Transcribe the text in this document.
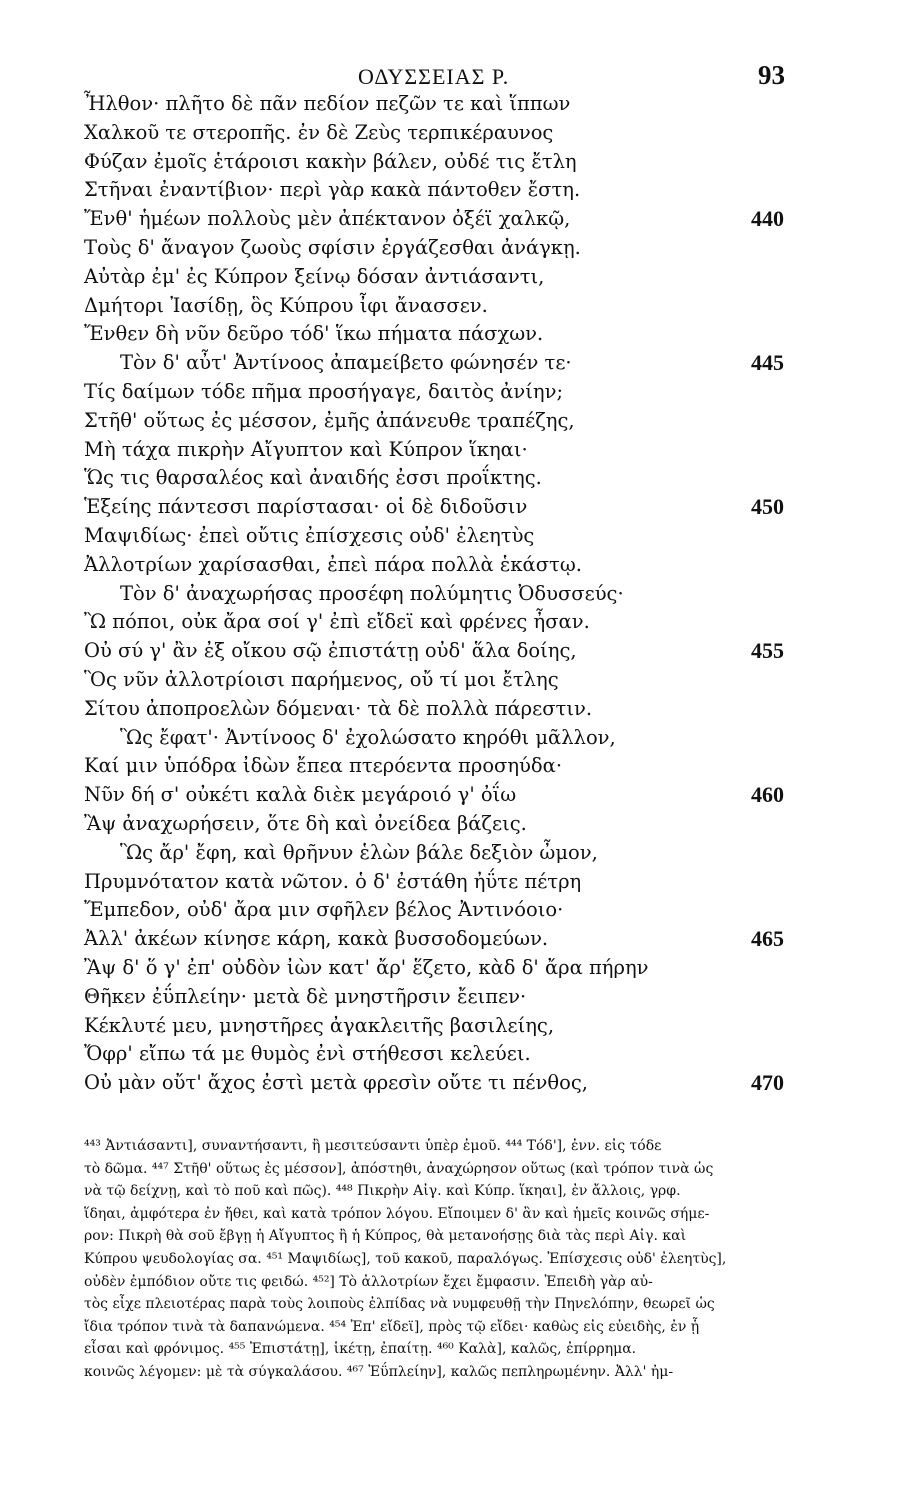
ΟΔΥΣΣΕΙΑΣ Ρ.	93
Ἦλθον· πλῆτο δὲ πᾶν πεδίον πεζῶν τε καὶ ἵππων
Χαλκοῦ τε στεροπῆς. ἐν δὲ Ζεὺς τερπικέραυνος
Φύζαν ἐμοῖς ἑτάροισι κακὴν βάλεν, οὐδέ τις ἔτλη
Στῆναι ἐναντίβιον· περὶ γὰρ κακὰ πάντοθεν ἔστη.
Ἔνθ' ἡμέων πολλοὺς μὲν ἀπέκτανον ὀξέϊ χαλκῷ,	440
Τοὺς δ' ἄναγον ζωοὺς σφίσιν ἐργάζεσθαι ἀνάγκῃ.
Αὐτὰρ ἐμ' ἐς Κύπρον ξείνῳ δόσαν ἀντιάσαντι,
Δμήτορι Ἰασίδῃ, ὃς Κύπρου ἶφι ἄνασσεν.
Ἔνθεν δὴ νῦν δεῦρο τόδ' ἵκω πήματα πάσχων.
Τὸν δ' αὖτ' Ἀντίνοος ἀπαμείβετο φώνησέν τε·	445
Τίς δαίμων τόδε πῆμα προσήγαγε, δαιτὸς ἀνίην;
Στῆθ' οὕτως ἐς μέσσον, ἐμῆς ἀπάνευθε τραπέζης,
Μὴ τάχα πικρὴν Αἴγυπτον καὶ Κύπρον ἵκηαι·
Ὥς τις θαρσαλέος καὶ ἀναιδής ἐσσι προΐκτης.
Ἑξείης πάντεσσι παρίστασαι· οἱ δὲ διδοῦσιν	450
Μαψιδίως· ἐπεὶ οὔτις ἐπίσχεσις οὐδ' ἐλεητὺς
Ἀλλοτρίων χαρίσασθαι, ἐπεὶ πάρα πολλὰ ἑκάστῳ.
Τὸν δ' ἀναχωρήσας προσέφη πολύμητις Ὀδυσσεύς·
Ὢ πόποι, οὐκ ἄρα σοί γ' ἐπὶ εἴδεϊ καὶ φρένες ἦσαν.
Οὐ σύ γ' ἂν ἐξ οἴκου σῷ ἐπιστάτῃ οὐδ' ἅλα δοίης,	455
Ὃς νῦν ἀλλοτρίοισι παρήμενος, οὔ τί μοι ἔτλης
Σίτου ἀποπροελὼν δόμεναι· τὰ δὲ πολλὰ πάρεστιν.
Ὣς ἔφατ'· Ἀντίνοος δ' ἐχολώσατο κηρόθι μᾶλλον,
Καί μιν ὑπόδρα ἰδὼν ἔπεα πτερόεντα προσηύδα·
Νῦν δή σ' οὐκέτι καλὰ διὲκ μεγάροιό γ' ὀΐω	460
Ἂψ ἀναχωρήσειν, ὅτε δὴ καὶ ὀνείδεα βάζεις.
Ὣς ἄρ' ἔφη, καὶ θρῆνυν ἑλὼν βάλε δεξιὸν ὦμον,
Πρυμνότατον κατὰ νῶτον. ὁ δ' ἐστάθη ἠΰτε πέτρη
Ἔμπεδον, οὐδ' ἄρα μιν σφῆλεν βέλος Ἀντινόοιο·
Ἀλλ' ἀκέων κίνησε κάρη, κακὰ βυσσοδομεύων.	465
Ἂψ δ' ὅ γ' ἐπ' οὐδὸν ἰὼν κατ' ἄρ' ἕζετο, κὰδ δ' ἄρα πήρην
Θῆκεν ἐΰπλείην· μετὰ δὲ μνηστῆρσιν ἔειπεν·
Κέκλυτέ μευ, μνηστῆρες ἀγακλειτῆς βασιλείης,
Ὄφρ' εἴπω τά με θυμὸς ἐνὶ στήθεσσι κελεύει.
Οὐ μὰν οὔτ' ἄχος ἐστὶ μετὰ φρεσὶν οὔτε τι πένθος,	470
⁴⁴³ Ἀντιάσαντι], συναντήσαντι, ἢ μεσιτεύσαντι ὑπὲρ ἐμοῦ. ⁴⁴⁴ Τόδ'], ἐνν. εἰς τόδε
τὸ δῶμα. ⁴⁴⁷ Στῆθ' οὕτως ἐς μέσσον], ἀπόστηθι, ἀναχώρησον οὕτως (καὶ τρόπον τινὰ ὡς
νὰ τῷ δείχνῃ, καὶ τὸ ποῦ καὶ πῶς). ⁴⁴⁸ Πικρὴν Αἰγ. καὶ Κύπρ. ἵκηαι], ἐν ἄλλοις, γρφ.
ἵδηαι, ἀμφότερα ἐν ἤθει, καὶ κατὰ τρόπον λόγου. Εἴποιμεν δ' ἂν καὶ ἡμεῖς κοινῶς σήμε-
ρον: Πικρὴ θὰ σοῦ ἔβγῃ ἡ Αἴγυπτος ἢ ἡ Κύπρος, θὰ μετανοήσῃς διὰ τὰς περὶ Αἰγ. καὶ
Κύπρου ψευδολογίας σα. ⁴⁵¹ Μαψιδίως], τοῦ κακοῦ, παραλόγως. Ἐπίσχεσις οὐδ' ἐλεητὺς],
οὐδὲν ἐμπόδιον οὔτε τις φειδώ. ⁴⁵²] Τὸ ἀλλοτρίων ἔχει ἔμφασιν. Ἐπειδὴ γὰρ αὐ-
τὸς εἶχε πλειοτέρας παρὰ τοὺς λοιποὺς ἐλπίδας νὰ νυμφευθῇ τὴν Πηνελόπην, θεωρεῖ ὡς
ἴδια τρόπον τινὰ τὰ δαπανώμενα. ⁴⁵⁴ Ἐπ' εἴδεϊ], πρὸς τῷ εἴδει· καθὼς εἰς εὐειδὴς, ἐν ᾗ
εἶσαι καὶ φρόνιμος. ⁴⁵⁵ Ἐπιστάτῃ], ἱκέτῃ, ἐπαίτῃ. ⁴⁶⁰ Καλὰ], καλῶς, ἐπίρρημα.
κοινῶς λέγομεν: μὲ τὰ σύγκαλάσου. ⁴⁶⁷ Ἐΰπλείην], καλῶς πεπληρωμένην. Ἀλλ' ἠμ-
